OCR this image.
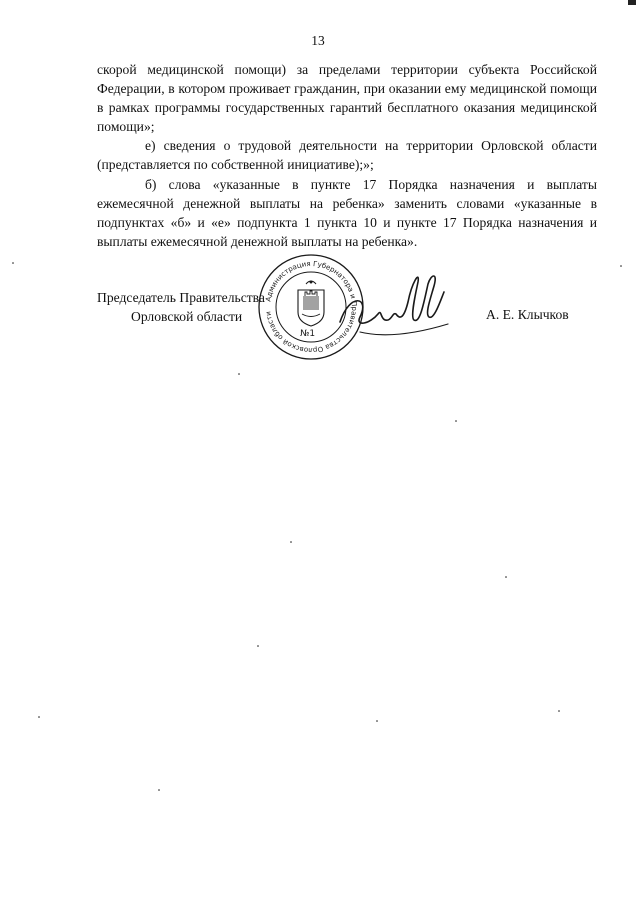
13

скорой медицинской помощи) за пределами территории субъекта Российской Федерации, в котором проживает гражданин, при оказании ему медицинской помощи в рамках программы государственных гарантий бесплатного оказания медицинской помощи»;

е) сведения о трудовой деятельности на территории Орловской области (представляется по собственной инициативе);»;

б) слова «указанные в пункте 17 Порядка назначения и выплаты ежемесячной денежной выплаты на ребенка» заменить словами «указанные в подпунктах «б» и «е» подпункта 1 пункта 10 и пункте 17 Порядка назначения и выплаты ежемесячной денежной выплаты на ребенка».

Председатель Правительства
Орловской области
Администрация Губернатора и Правительства Орловской области
№1
А. Е. Клычков
